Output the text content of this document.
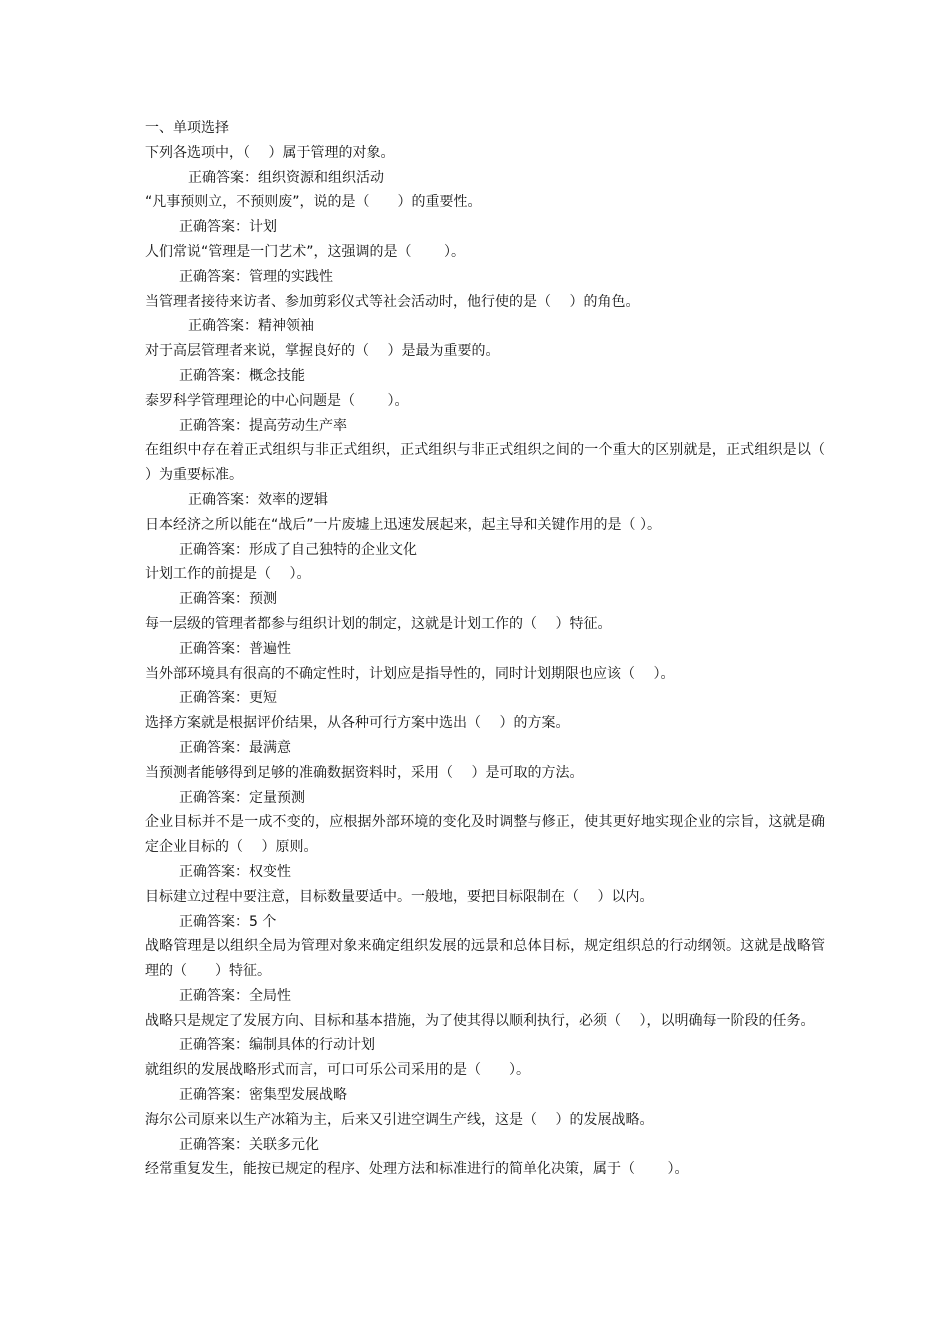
一、单项选择
下列各选项中，（　 ）属于管理的对象。
正确答案：组织资源和组织活动
“凡事预则立，不预则废”，说的是（　　）的重要性。
正确答案：计划
人们常说“管理是一门艺术”，这强调的是（　　 ）。
正确答案：管理的实践性
当管理者接待来访者、参加剪彩仪式等社会活动时，他行使的是（　 ）的角色。
正确答案：精神领袖
对于高层管理者来说，掌握良好的（　 ）是最为重要的。
正确答案：概念技能
泰罗科学管理理论的中心问题是（　　 ）。
正确答案：提高劳动生产率
在组织中存在着正式组织与非正式组织，正式组织与非正式组织之间的一个重大的区别就是，正式组织是以（　 ）为重要标准。
正确答案：效率的逻辑
日本经济之所以能在“战后”一片废墟上迅速发展起来，起主导和关键作用的是（ ）。
正确答案：形成了自己独特的企业文化
计划工作的前提是（　 ）。
正确答案：预测
每一层级的管理者都参与组织计划的制定，这就是计划工作的（　 ）特征。
正确答案：普遍性
当外部环境具有很高的不确定性时，计划应是指导性的，同时计划期限也应该（　 ）。
正确答案：更短
选择方案就是根据评价结果，从各种可行方案中选出（　 ）的方案。
正确答案：最满意
当预测者能够得到足够的准确数据资料时，采用（　 ）是可取的方法。
正确答案：定量预测
企业目标并不是一成不变的，应根据外部环境的变化及时调整与修正，使其更好地实现企业的宗旨，这就是确定企业目标的（　 ）原则。
正确答案：权变性
目标建立过程中要注意，目标数量要适中。一般地，要把目标限制在（　 ）以内。
正确答案：5 个
战略管理是以组织全局为管理对象来确定组织发展的远景和总体目标，规定组织总的行动纲领。这就是战略管理的（　　）特征。
正确答案：全局性
战略只是规定了发展方向、目标和基本措施，为了使其得以顺利执行，必须（　 ），以明确每一阶段的任务。
正确答案：编制具体的行动计划
就组织的发展战略形式而言，可口可乐公司采用的是（　　）。
正确答案：密集型发展战略
海尔公司原来以生产冰箱为主，后来又引进空调生产线，这是（　 ）的发展战略。
正确答案：关联多元化
经常重复发生，能按已规定的程序、处理方法和标准进行的简单化决策，属于（　　 ）。
